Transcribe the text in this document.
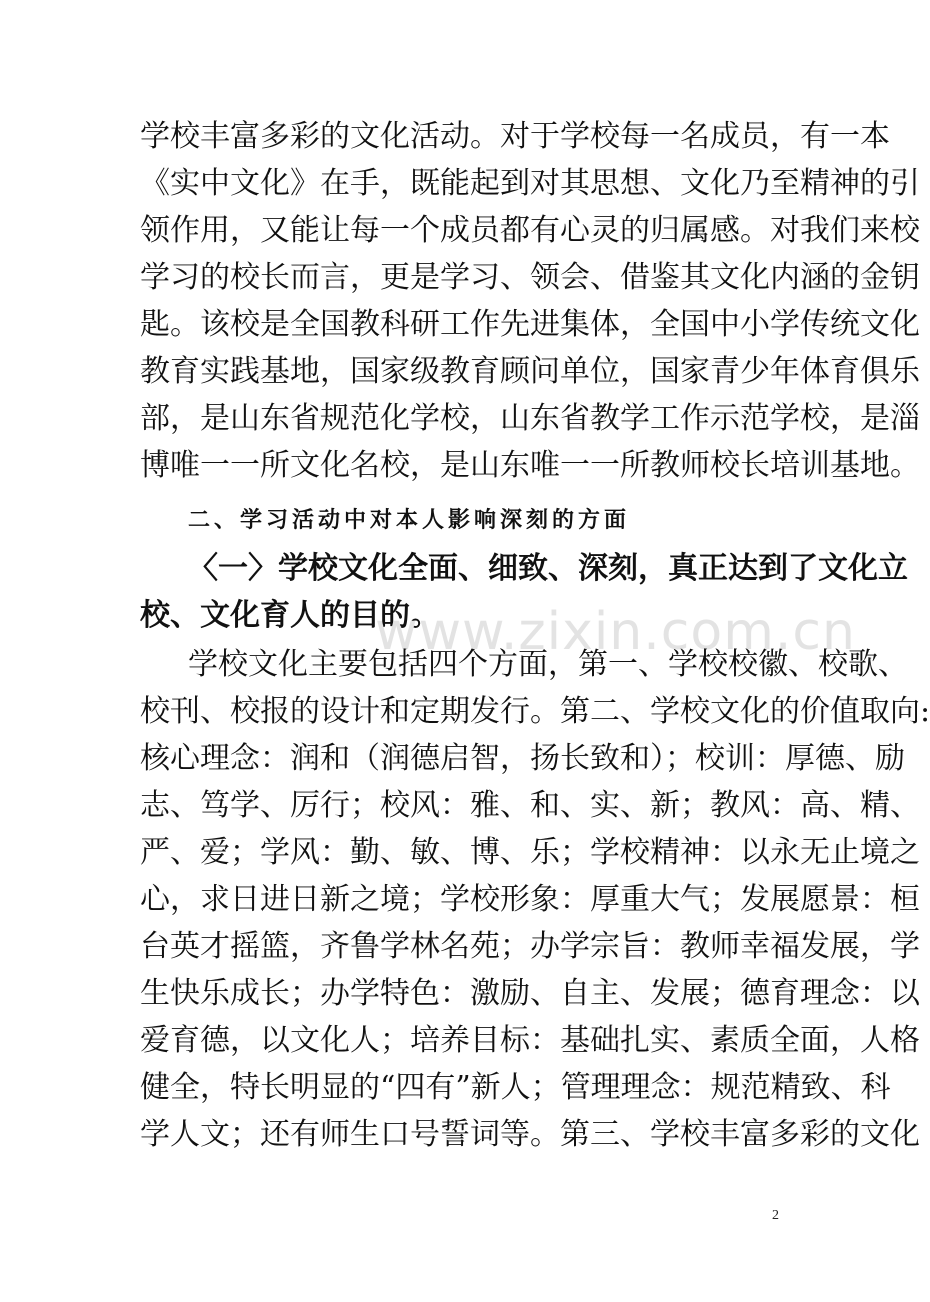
学校丰富多彩的文化活动。对于学校每一名成员，有一本
《实中文化》在手，既能起到对其思想、文化乃至精神的引
领作用，又能让每一个成员都有心灵的归属感。对我们来校
学习的校长而言，更是学习、领会、借鉴其文化内涵的金钥
匙。该校是全国教科研工作先进集体，全国中小学传统文化
教育实践基地，国家级教育顾问单位，国家青少年体育俱乐
部，是山东省规范化学校，山东省教学工作示范学校，是淄
博唯一一所文化名校，是山东唯一一所教师校长培训基地。
二、学习活动中对本人影响深刻的方面
〈一〉学校文化全面、细致、深刻，真正达到了文化立
校、文化育人的目的。
www.zixin.com.cn
学校文化主要包括四个方面，第一、学校校徽、校歌、
校刊、校报的设计和定期发行。第二、学校文化的价值取向:
核心理念：润和（润德启智，扬长致和）；校训：厚德、励
志、笃学、厉行；校风：雅、和、实、新；教风：高、精、
严、爱；学风：勤、敏、博、乐；学校精神：以永无止境之
心，求日进日新之境；学校形象：厚重大气；发展愿景：桓
台英才摇篮，齐鲁学林名苑；办学宗旨：教师幸福发展，学
生快乐成长；办学特色：激励、自主、发展；德育理念：以
爱育德，以文化人；培养目标：基础扎实、素质全面，人格
健全，特长明显的“四有”新人；管理理念：规范精致、科
学人文；还有师生口号誓词等。第三、学校丰富多彩的文化
2
